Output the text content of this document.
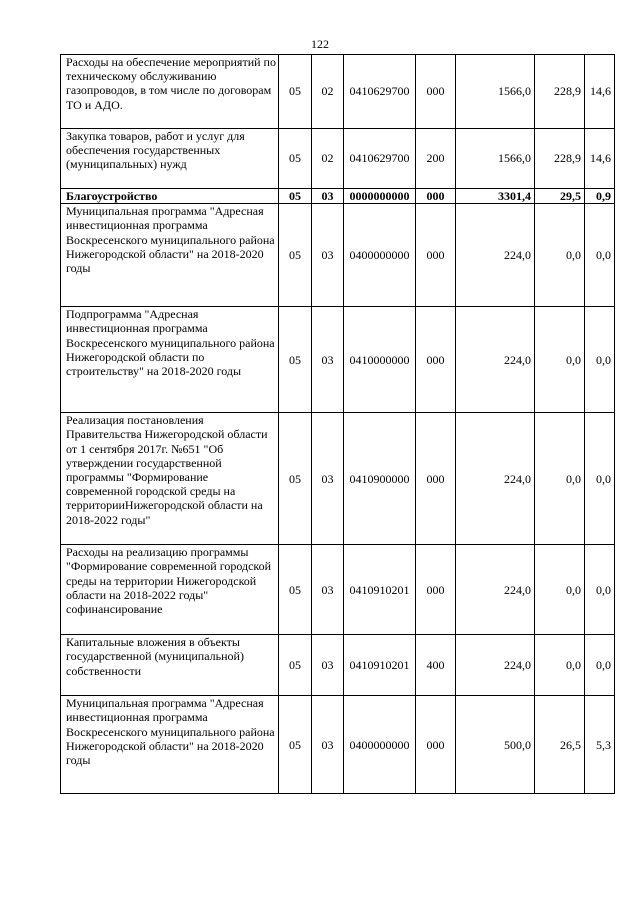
122
Расходы на обеспечение мероприятий по техническому обслуживанию газопроводов, в том числе по договорам ТО и АДО.	05	02	0410629700	000	1566,0	228,9	14,6
Закупка товаров, работ и услуг для обеспечения государственных (муниципальных) нужд	05	02	0410629700	200	1566,0	228,9	14,6
Благоустройство	05	03	0000000000	000	3301,4	29,5	0,9
Муниципальная программа "Адресная инвестиционная программа Воскресенского муниципального района Нижегородской области" на 2018-2020 годы	05	03	0400000000	000	224,0	0,0	0,0
Подпрограмма "Адресная инвестиционная программа Воскресенского муниципального района Нижегородской области по строительству" на 2018-2020 годы	05	03	0410000000	000	224,0	0,0	0,0
Реализация постановления Правительства Нижегородской области от 1 сентября 2017г. №651 "Об утверждении государственной программы "Формирование современной городской среды на территорииНижегородской области на 2018-2022 годы"	05	03	0410900000	000	224,0	0,0	0,0
Расходы на реализацию программы "Формирование современной городской среды на территории Нижегородской области на 2018-2022 годы" софинансирование	05	03	0410910201	000	224,0	0,0	0,0
Капитальные вложения в объекты государственной (муниципальной) собственности	05	03	0410910201	400	224,0	0,0	0,0
Муниципальная программа "Адресная инвестиционная программа Воскресенского муниципального района Нижегородской области" на 2018-2020 годы	05	03	0400000000	000	500,0	26,5	5,3
